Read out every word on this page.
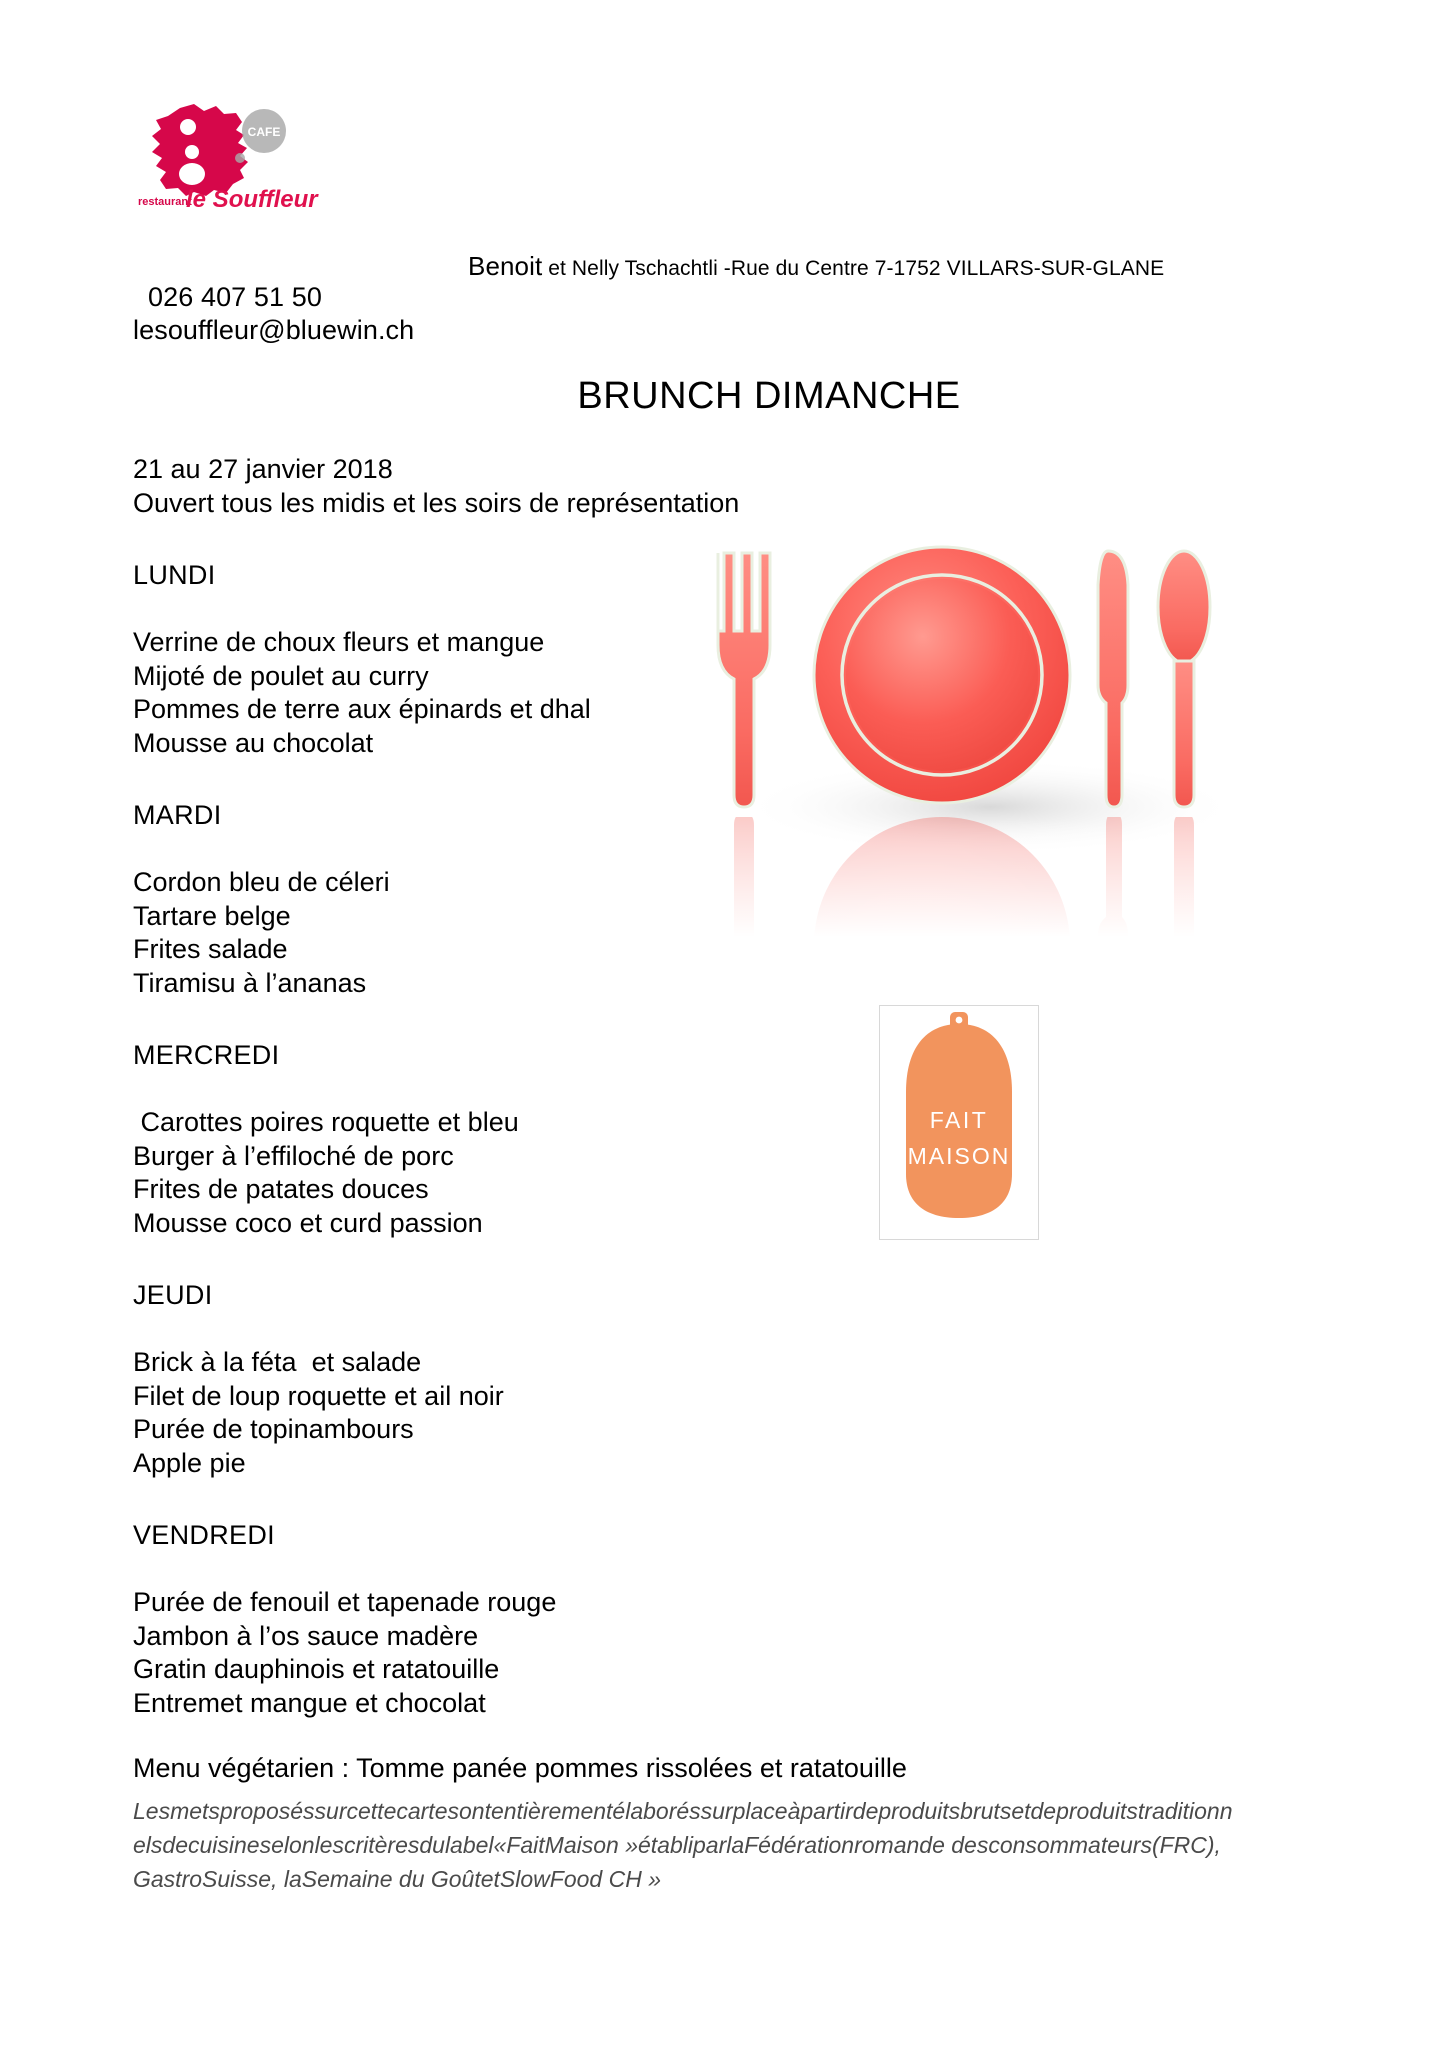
CAFE
restaurant
le Souffleur
Benoit et Nelly Tschachtli -Rue du Centre 7-1752 VILLARS-SUR-GLANE
026 407 51 50
lesouffleur@bluewin.ch
BRUNCH DIMANCHE
21 au 27 janvier 2018
Ouvert tous les midis et les soirs de représentation
LUNDI
Verrine de choux fleurs et mangue
Mijoté de poulet au curry
Pommes de terre aux épinards et dhal
Mousse au chocolat
MARDI
Cordon bleu de céleri
Tartare belge
Frites salade
Tiramisu à l’ananas
MERCREDI
Carottes poires roquette et bleu
Burger à l’effiloché de porc
Frites de patates douces
Mousse coco et curd passion
JEUDI
Brick à la féta  et salade
Filet de loup roquette et ail noir
Purée de topinambours
Apple pie
VENDREDI
Purée de fenouil et tapenade rouge
Jambon à l’os sauce madère
Gratin dauphinois et ratatouille
Entremet mangue et chocolat
Menu végétarien : Tomme panée pommes rissolées et ratatouille
Lesmetsproposéssurcettecartesontentièrementélaboréssurplaceàpartirdeproduitsbrutsetdeproduitstraditionn
elsdecuisineselonlescritèresdulabel«FaitMaison »établiparlaFédérationromande desconsommateurs(FRC),
GastroSuisse, laSemaine du GoûtetSlowFood CH »
FAIT
MAISON
